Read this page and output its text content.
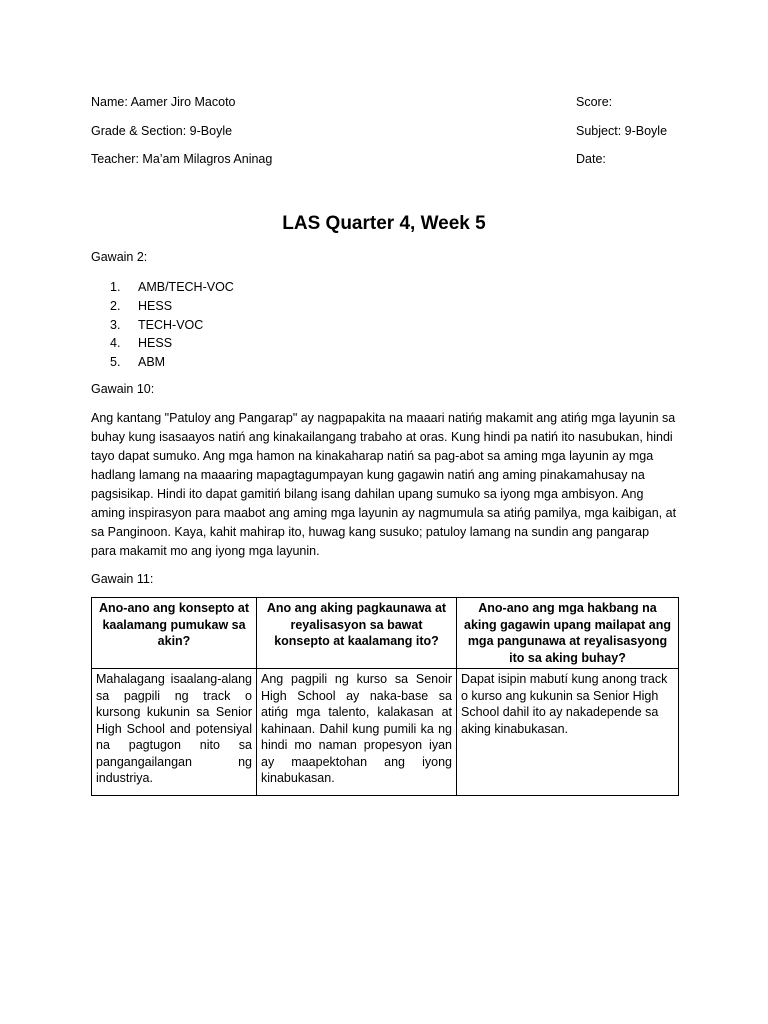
Name: Aamer Jiro Macoto	Score:
Grade & Section: 9-Boyle	Subject: 9-Boyle
Teacher: Ma’am Milagros Aninag	Date:
LAS Quarter 4, Week 5
Gawain 2:
1.	AMB/TECH-VOC
2.	HESS
3.	TECH-VOC
4.	HESS
5.	ABM
Gawain 10:
Ang kantang "Patuloy ang Pangarap" ay nagpapakita na maaari natińg makamit ang atińg mga layunin sa buhay kung isasaayos natiń ang kinakailangang trabaho at oras. Kung hindi pa natiń ito nasubukan, hindi tayo dapat sumuko. Ang mga hamon na kinakaharap natiń sa pag-abot sa aming mga layunin ay mga hadlang lamang na maaaring mapagtagumpayan kung gagawin natiń ang aming pinakamahusay na pagsisikap. Hindi ito dapat gamitiń bilang isang dahilan upang sumuko sa iyong mga ambisyon. Ang aming inspirasyon para maabot ang aming mga layunin ay nagmumula sa atińg pamilya, mga kaibigan, at sa Panginoon. Kaya, kahit mahirap ito, huwag kang susuko; patuloy lamang na sundin ang pangarap para makamit mo ang iyong mga layunin.
Gawain 11:
Ano-ano ang konsepto at kaalamang pumukaw sa akin?	Ano ang aking pagkaunawa at reyalisasyon sa bawat konsepto at kaalamang ito?	Ano-ano ang mga hakbang na aking gagawin upang mailapat ang mga pangunawa at reyalisasyong ito sa aking buhay?
Mahalagang isaalang-alang sa pagpili ng track o kursong kukunin sa Senior High School and potensiyal na pagtugon nito sa pangangailangan ng industriya.	Ang pagpili ng kurso sa Senoir High School ay naka-base sa atińg mga talento, kalakasan at kahinaan. Dahil kung pumili ka ng hindi mo naman propesyon iyan ay maapektohan ang iyong kinabukasan.	Dapat isipin mabutí kung anong track o kurso ang kukunin sa Senior High School dahil ito ay nakadepende sa aking kinabukasan.
